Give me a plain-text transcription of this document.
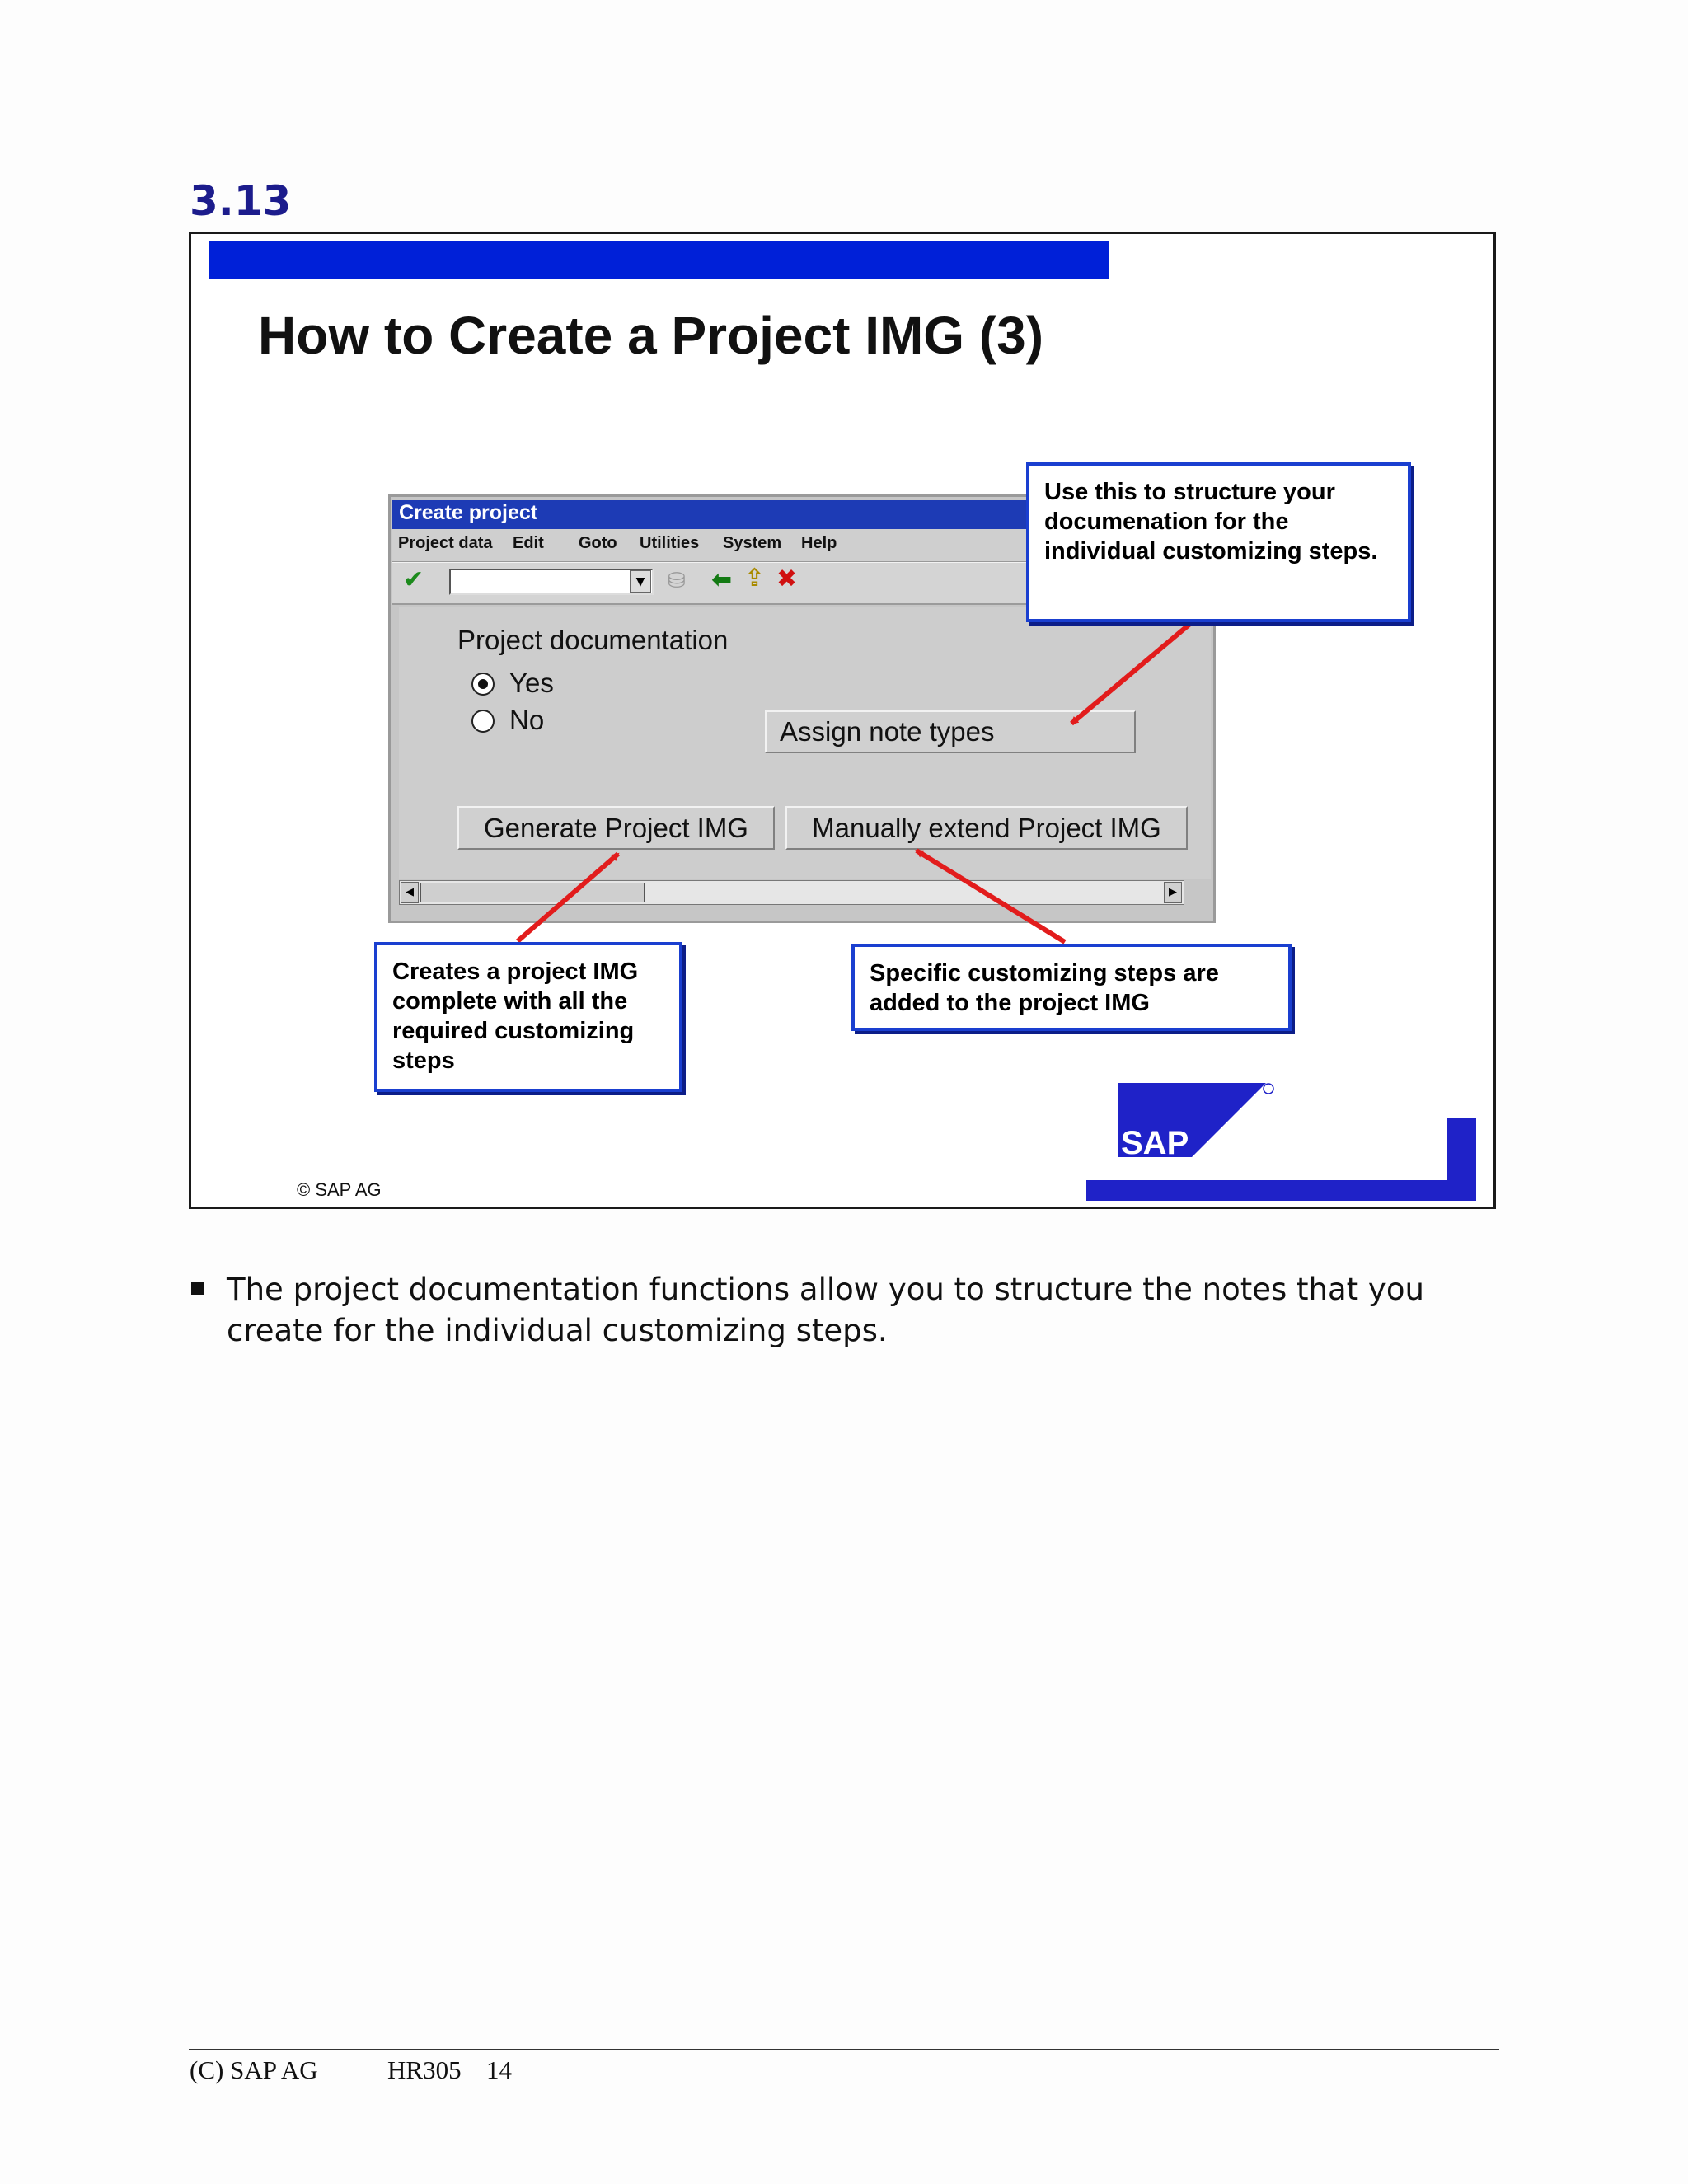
3.13
How to Create a Project IMG (3)
Create project
Project data Edit Goto Utilities System Help
✔	▼ ⛁ ⬅ ⇪ ✖
Project documentation
Yes
No	Assign note types
Generate Project IMG	Manually extend Project IMG
◀	▶
Use this to structure your documenation for the individual customizing steps.
Creates a project IMG complete with all the required customizing steps
Specific customizing steps are added to the project IMG
SAP
© SAP AG
The project documentation functions allow you to structure the notes that you create for the individual customizing steps.
(C) SAP AG	HR305 14
